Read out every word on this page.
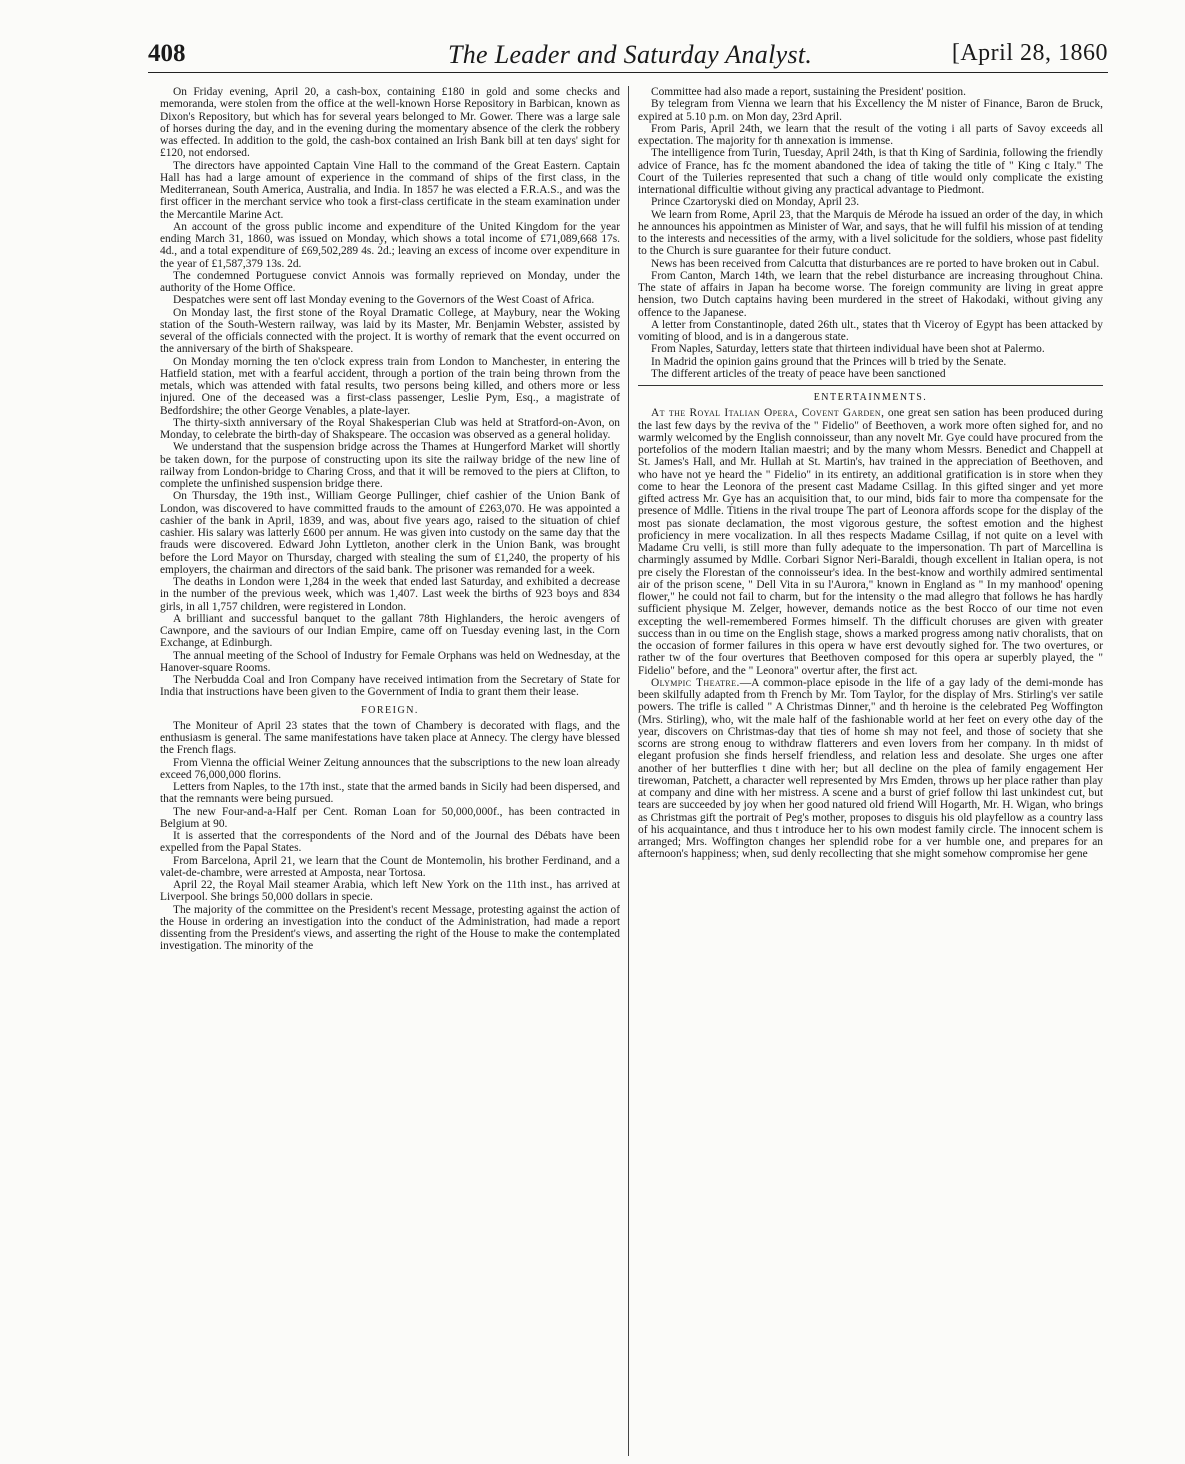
408	The Leader and Saturday Analyst.	[April 28, 1860

On Friday evening, April 20, a cash-box, containing £180 in gold and some checks and memoranda, were stolen from the office at the well-known Horse Repository in Barbican, known as Dixon's Repository, but which has for several years belonged to Mr. Gower. There was a large sale of horses during the day, and in the evening during the momentary absence of the clerk the robbery was effected. In addition to the gold, the cash-box contained an Irish Bank bill at ten days' sight for £120, not endorsed.

The directors have appointed Captain Vine Hall to the command of the Great Eastern. Captain Hall has had a large amount of experience in the command of ships of the first class, in the Mediterranean, South America, Australia, and India. In 1857 he was elected a F.R.A.S., and was the first officer in the merchant service who took a first-class certificate in the steam examination under the Mercantile Marine Act.

An account of the gross public income and expenditure of the United Kingdom for the year ending March 31, 1860, was issued on Monday, which shows a total income of £71,089,668 17s. 4d., and a total expenditure of £69,502,289 4s. 2d.; leaving an excess of income over expenditure in the year of £1,587,379 13s. 2d.

The condemned Portuguese convict Annois was formally reprieved on Monday, under the authority of the Home Office.

Despatches were sent off last Monday evening to the Governors of the West Coast of Africa.

On Monday last, the first stone of the Royal Dramatic College, at Maybury, near the Woking station of the South-Western railway, was laid by its Master, Mr. Benjamin Webster, assisted by several of the officials connected with the project. It is worthy of remark that the event occurred on the anniversary of the birth of Shakspeare.

On Monday morning the ten o'clock express train from London to Manchester, in entering the Hatfield station, met with a fearful accident, through a portion of the train being thrown from the metals, which was attended with fatal results, two persons being killed, and others more or less injured. One of the deceased was a first-class passenger, Leslie Pym, Esq., a magistrate of Bedfordshire; the other George Venables, a plate-layer.

The thirty-sixth anniversary of the Royal Shakesperian Club was held at Stratford-on-Avon, on Monday, to celebrate the birth-day of Shakspeare. The occasion was observed as a general holiday.

We understand that the suspension bridge across the Thames at Hungerford Market will shortly be taken down, for the purpose of constructing upon its site the railway bridge of the new line of railway from London-bridge to Charing Cross, and that it will be removed to the piers at Clifton, to complete the unfinished suspension bridge there.

On Thursday, the 19th inst., William George Pullinger, chief cashier of the Union Bank of London, was discovered to have committed frauds to the amount of £263,070. He was appointed a cashier of the bank in April, 1839, and was, about five years ago, raised to the situation of chief cashier. His salary was latterly £600 per annum. He was given into custody on the same day that the frauds were discovered. Edward John Lyttleton, another clerk in the Union Bank, was brought before the Lord Mayor on Thursday, charged with stealing the sum of £1,240, the property of his employers, the chairman and directors of the said bank. The prisoner was remanded for a week.

The deaths in London were 1,284 in the week that ended last Saturday, and exhibited a decrease in the number of the previous week, which was 1,407. Last week the births of 923 boys and 834 girls, in all 1,757 children, were registered in London.

A brilliant and successful banquet to the gallant 78th Highlanders, the heroic avengers of Cawnpore, and the saviours of our Indian Empire, came off on Tuesday evening last, in the Corn Exchange, at Edinburgh.

The annual meeting of the School of Industry for Female Orphans was held on Wednesday, at the Hanover-square Rooms.

The Nerbudda Coal and Iron Company have received intimation from the Secretary of State for India that instructions have been given to the Government of India to grant them their lease.

FOREIGN.

The Moniteur of April 23 states that the town of Chambery is decorated with flags, and the enthusiasm is general. The same manifestations have taken place at Annecy. The clergy have blessed the French flags.

From Vienna the official Weiner Zeitung announces that the subscriptions to the new loan already exceed 76,000,000 florins.

Letters from Naples, to the 17th inst., state that the armed bands in Sicily had been dispersed, and that the remnants were being pursued.

The new Four-and-a-Half per Cent. Roman Loan for 50,000,000f., has been contracted in Belgium at 90.

It is asserted that the correspondents of the Nord and of the Journal des Débats have been expelled from the Papal States.

From Barcelona, April 21, we learn that the Count de Montemolin, his brother Ferdinand, and a valet-de-chambre, were arrested at Amposta, near Tortosa.

April 22, the Royal Mail steamer Arabia, which left New York on the 11th inst., has arrived at Liverpool. She brings 50,000 dollars in specie.

The majority of the committee on the President's recent Message, protesting against the action of the House in ordering an investigation into the conduct of the Administration, had made a report dissenting from the President's views, and asserting the right of the House to make the contemplated investigation. The minority of the

Committee had also made a report, sustaining the President' position.

By telegram from Vienna we learn that his Excellency the M nister of Finance, Baron de Bruck, expired at 5.10 p.m. on Mon day, 23rd April.

From Paris, April 24th, we learn that the result of the voting i all parts of Savoy exceeds all expectation. The majority for th annexation is immense.

The intelligence from Turin, Tuesday, April 24th, is that th King of Sardinia, following the friendly advice of France, has fc the moment abandoned the idea of taking the title of " King c Italy." The Court of the Tuileries represented that such a chang of title would only complicate the existing international difficultie without giving any practical advantage to Piedmont.

Prince Czartoryski died on Monday, April 23.

We learn from Rome, April 23, that the Marquis de Mérode ha issued an order of the day, in which he announces his appointmen as Minister of War, and says, that he will fulfil his mission of at tending to the interests and necessities of the army, with a livel solicitude for the soldiers, whose past fidelity to the Church is sure guarantee for their future conduct.

News has been received from Calcutta that disturbances are re ported to have broken out in Cabul.

From Canton, March 14th, we learn that the rebel disturbance are increasing throughout China. The state of affairs in Japan ha become worse. The foreign community are living in great appre hension, two Dutch captains having been murdered in the street of Hakodaki, without giving any offence to the Japanese.

A letter from Constantinople, dated 26th ult., states that th Viceroy of Egypt has been attacked by vomiting of blood, and is in a dangerous state.

From Naples, Saturday, letters state that thirteen individual have been shot at Palermo.

In Madrid the opinion gains ground that the Princes will b tried by the Senate.

The different articles of the treaty of peace have been sanctioned

ENTERTAINMENTS.

At the Royal Italian Opera, Covent Garden, one great sen sation has been produced during the last few days by the reviva of the " Fidelio" of Beethoven, a work more often sighed for, and no warmly welcomed by the English connoisseur, than any novelt Mr. Gye could have procured from the portefolios of the modern Italian maestri; and by the many whom Messrs. Benedict and Chappell at St. James's Hall, and Mr. Hullah at St. Martin's, hav trained in the appreciation of Beethoven, and who have not ye heard the " Fidelio" in its entirety, an additional gratification is in store when they come to hear the Leonora of the present cast Madame Csillag. In this gifted singer and yet more gifted actress Mr. Gye has an acquisition that, to our mind, bids fair to more tha compensate for the presence of Mdlle. Titiens in the rival troupe The part of Leonora affords scope for the display of the most pas sionate declamation, the most vigorous gesture, the softest emotion and the highest proficiency in mere vocalization. In all thes respects Madame Csillag, if not quite on a level with Madame Cru velli, is still more than fully adequate to the impersonation. Th part of Marcellina is charmingly assumed by Mdlle. Corbari Signor Neri-Baraldi, though excellent in Italian opera, is not pre cisely the Florestan of the connoisseur's idea. In the best-know and worthily admired sentimental air of the prison scene, " Dell Vita in su l'Aurora," known in England as " In my manhood' opening flower," he could not fail to charm, but for the intensity o the mad allegro that follows he has hardly sufficient physique M. Zelger, however, demands notice as the best Rocco of our time not even excepting the well-remembered Formes himself. Th the difficult choruses are given with greater success than in ou time on the English stage, shows a marked progress among nativ choralists, that on the occasion of former failures in this opera w have erst devoutly sighed for. The two overtures, or rather tw of the four overtures that Beethoven composed for this opera ar superbly played, the " Fidelio" before, and the " Leonora" overtur after, the first act.

Olympic Theatre.—A common-place episode in the life of a gay lady of the demi-monde has been skilfully adapted from th French by Mr. Tom Taylor, for the display of Mrs. Stirling's ver satile powers. The trifle is called " A Christmas Dinner," and th heroine is the celebrated Peg Woffington (Mrs. Stirling), who, wit the male half of the fashionable world at her feet on every othe day of the year, discovers on Christmas-day that ties of home sh may not feel, and those of society that she scorns are strong enoug to withdraw flatterers and even lovers from her company. In th midst of elegant profusion she finds herself friendless, and relation less and desolate. She urges one after another of her butterflies t dine with her; but all decline on the plea of family engagement Her tirewoman, Patchett, a character well represented by Mrs Emden, throws up her place rather than play at company and dine with her mistress. A scene and a burst of grief follow thi last unkindest cut, but tears are succeeded by joy when her good natured old friend Will Hogarth, Mr. H. Wigan, who brings as Christmas gift the portrait of Peg's mother, proposes to disguis his old playfellow as a country lass of his acquaintance, and thus t introduce her to his own modest family circle. The innocent schem is arranged; Mrs. Woffington changes her splendid robe for a ver humble one, and prepares for an afternoon's happiness; when, sud denly recollecting that she might somehow compromise her gene
